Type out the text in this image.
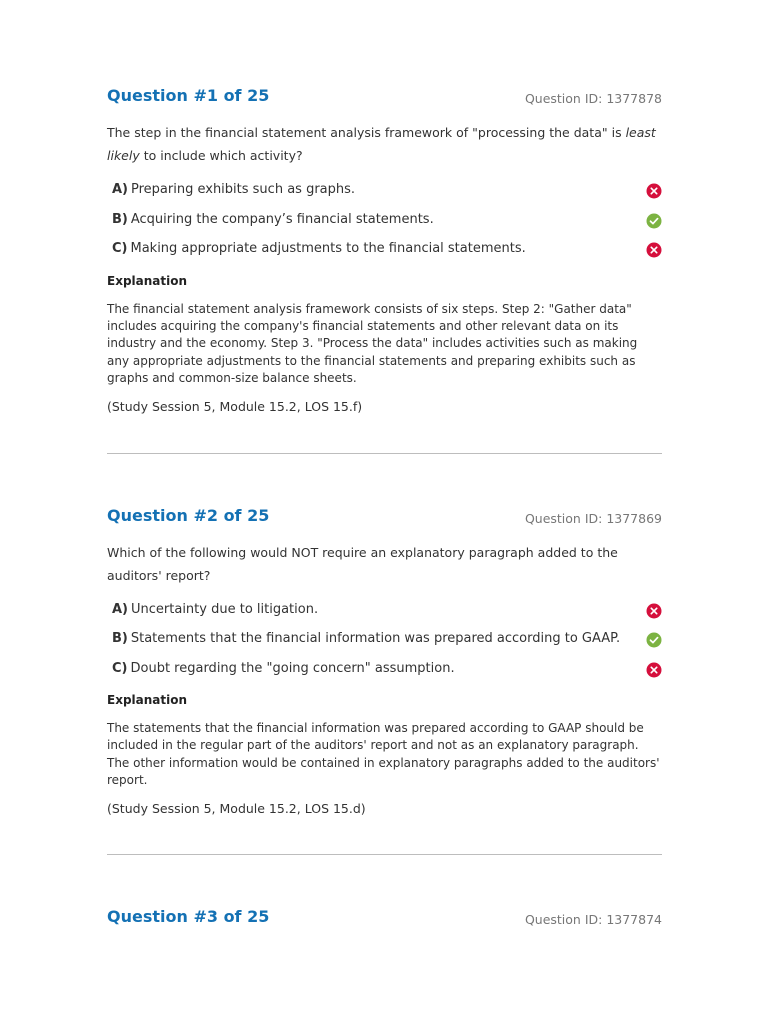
Question #1 of 25	Question ID: 1377878

The step in the financial statement analysis framework of "processing the data" is least likely to include which activity?

A) Preparing exhibits such as graphs.
B) Acquiring the company’s financial statements.
C) Making appropriate adjustments to the financial statements.

Explanation

The financial statement analysis framework consists of six steps. Step 2: "Gather data" includes acquiring the company's financial statements and other relevant data on its industry and the economy. Step 3. "Process the data" includes activities such as making any appropriate adjustments to the financial statements and preparing exhibits such as graphs and common-size balance sheets.

(Study Session 5, Module 15.2, LOS 15.f)

Question #2 of 25	Question ID: 1377869

Which of the following would NOT require an explanatory paragraph added to the auditors' report?

A) Uncertainty due to litigation.
B) Statements that the financial information was prepared according to GAAP.
C) Doubt regarding the "going concern" assumption.

Explanation

The statements that the financial information was prepared according to GAAP should be included in the regular part of the auditors' report and not as an explanatory paragraph. The other information would be contained in explanatory paragraphs added to the auditors' report.

(Study Session 5, Module 15.2, LOS 15.d)

Question #3 of 25	Question ID: 1377874
